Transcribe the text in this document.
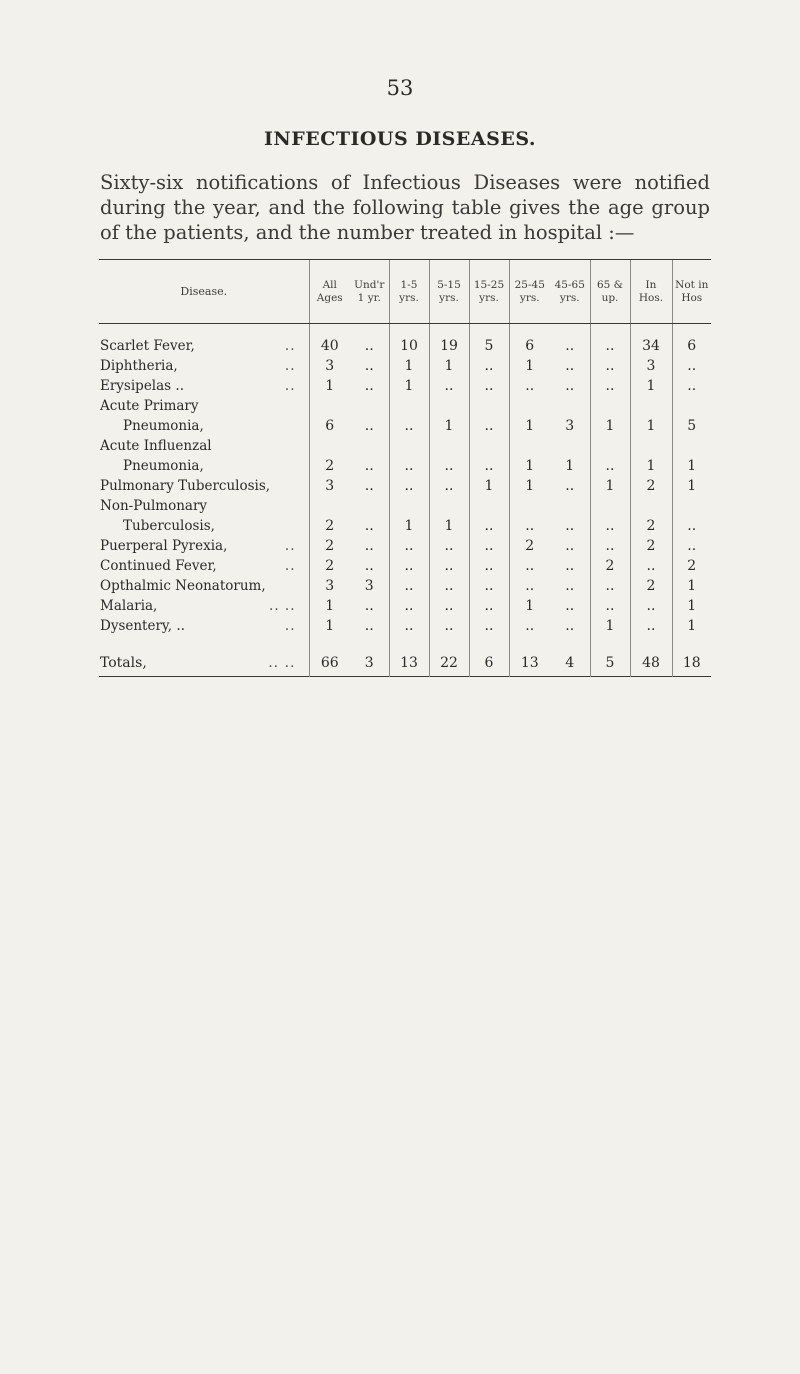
53
INFECTIOUS DISEASES.
Sixty-six notifications of Infectious Diseases were notified during the year, and the following table gives the age group of the patients, and the number treated in hospital :—

Disease.	All Ages	Und'r 1 yr.	1-5 yrs.	5-15 yrs.	15-25 yrs.	25-45 yrs.	45-65 yrs.	65 & up.	In Hos.	Not in Hos
Scarlet Fever, ..	40	..	10	19	5	6	..	..	34	6
Diphtheria, ..	3	..	1	1	..	1	..	..	3	..
Erysipelas .. ..	1	..	1	..	..	..	..	..	1	..
Acute Primary										
Pneumonia,	6	..	..	1	..	1	3	1	1	5
Acute Influenzal										
Pneumonia,	2	..	..	..	..	1	1	..	1	1
Pulmonary Tuberculosis,	3	..	..	..	1	1	..	1	2	1
Non-Pulmonary										
Tuberculosis,	2	..	1	1	..	..	..	..	2	..
Puerperal Pyrexia, ..	2	..	..	..	..	2	..	..	2	..
Continued Fever, ..	2	..	..	..	..	..	..	2	..	2
Opthalmic Neonatorum,	3	3	..	..	..	..	..	..	2	1
Malaria, .. ..	1	..	..	..	..	1	..	..	..	1
Dysentery, .. ..	1	..	..	..	..	..	..	1	..	1

Totals, .. ..	66	3	13	22	6	13	4	5	48	18
